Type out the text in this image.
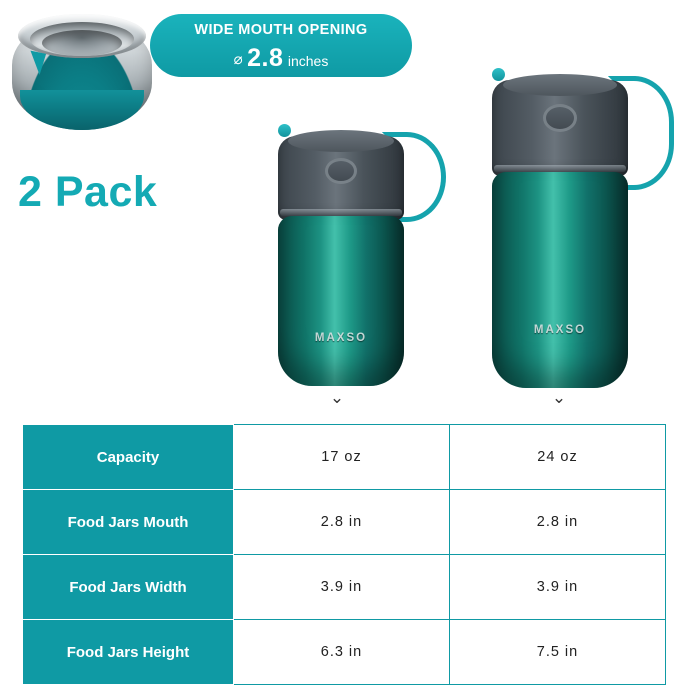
WIDE MOUTH OPENING
⌀ 2.8 inches
2 Pack
MAXSO
⌄
MAXSO
⌄
Capacity	17 oz	24 oz
Food Jars Mouth	2.8 in	2.8 in
Food Jars Width	3.9 in	3.9 in
Food Jars Height	6.3 in	7.5 in
